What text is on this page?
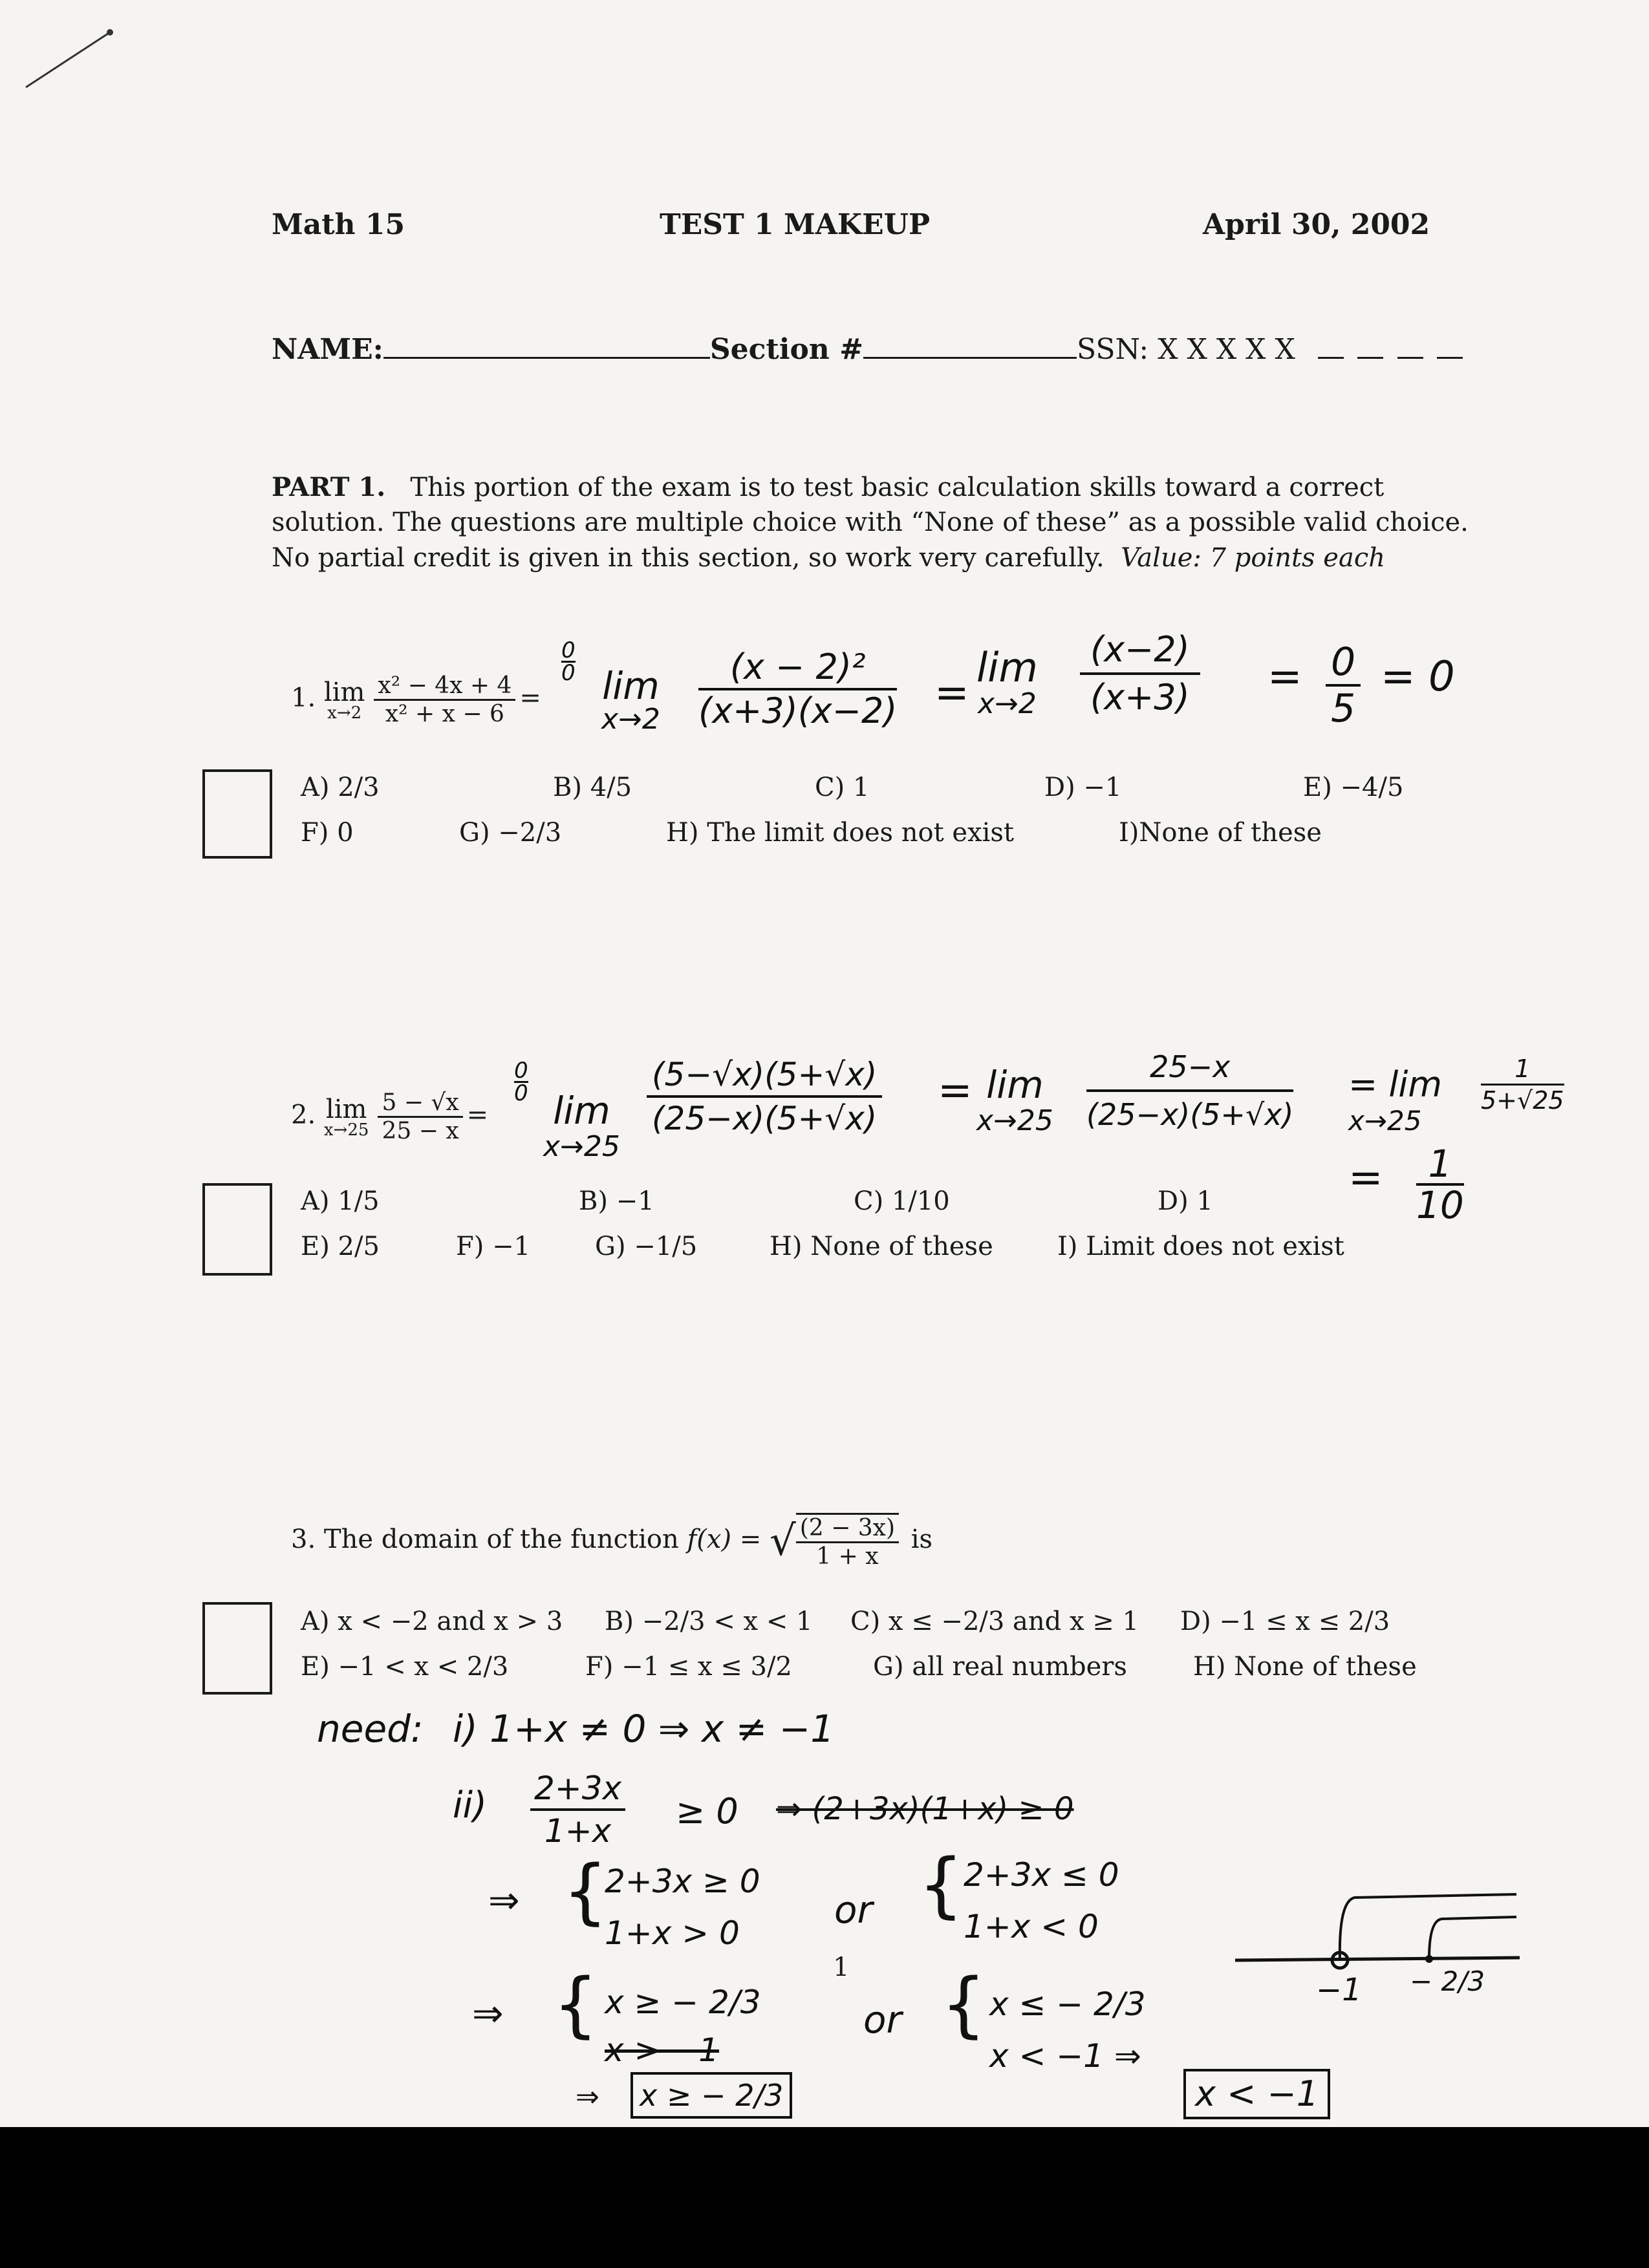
Math 15	TEST 1 MAKEUP	April 30, 2002
NAME:	Section #	SSN: X X X X X
PART 1. This portion of the exam is to test basic calculation skills toward a correct
solution. The questions are multiple choice with “None of these” as a possible valid choice.
No partial credit is given in this section, so work very carefully. Value: 7 points each
1. lim
$x\to 2 \frac{\text{x² − 4x + 4}}{\text{x² + x − 6}}$ =
A) 2/3	B) 4/5	C) 1	D) −1	E) −4/5
F) 0	G) −2/3	H) The limit does not exist	I)None of these
$\frac{0}{0}$
lim
$x\to 2 \frac{\text{(x − 2)²}}{(x+3)(x-2)}$ =
lim
$x\to 2 \frac{(x-2)}{(x+3)} = \frac{0}{5} = 0$
2. lim
$x\to 25 \frac{5 - √x}{25 - x}$ =
A) 1/5	B) −1	C) 1/10	D) 1
E) 2/5	F) −1 G) −1/5	H) None of these I) Limit does not exist
$\frac{0}{0}$
lim
x→25
$\frac{(5-√x)(5+√x)}{(25-x)(5+√x)} = \lim$
$x\to 25 \frac{25-x}{(25-x)(5+√x)} = \lim$
x→25
$\frac{1}{5+√25}$
= $\frac{1}{10}$
3. The domain of the function f(x) = √ $\frac{(2 - 3x)}{1 + x}$ is
A) x < −2 and x > 3 B) −2/3 < x < 1 C) x ≤ −2/3 and x ≥ 1 D) −1 ≤ x ≤ 2/3
E) −1 < x < 2/3	F) −1 ≤ x ≤ 3/2	G) all real numbers	H) None of these
need: i) 1+x ≠ 0 ⇒ x ≠ −1
$ii) \frac{2+3x}{1+x} \ge 0$ ⇒ (2+3x)(1+x) ≥ 0
⇒ {
2+3x ≥ 0
1+x > 0
or { 2+3x ≤ 0
1+x < 0
⇒ { x ≥ − 2/3
x > −1
or { x ≤ − 2/3
x < −1 ⇒
x < −1
⇒	x ≥ − 2/3
−1 − 2/3
1
